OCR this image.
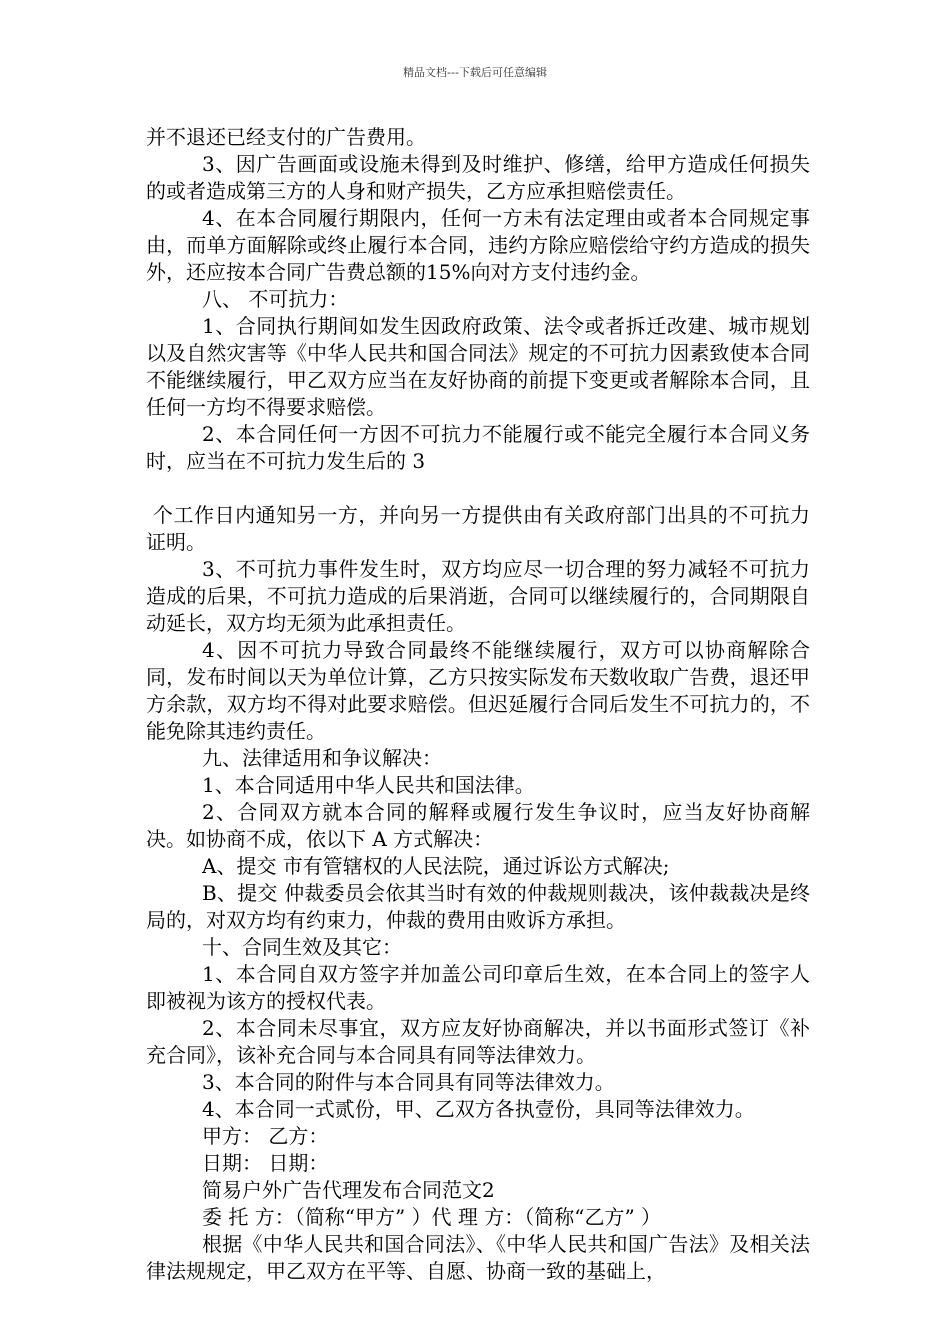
精品文档---下载后可任意编辑

并不退还已经支付的广告费用。

3、因广告画面或设施未得到及时维护、修缮，给甲方造成任何损失的或者造成第三方的人身和财产损失，乙方应承担赔偿责任。

4、在本合同履行期限内，任何一方未有法定理由或者本合同规定事由，而单方面解除或终止履行本合同，违约方除应赔偿给守约方造成的损失外，还应按本合同广告费总额的15%向对方支付违约金。

八、 不可抗力：

1、合同执行期间如发生因政府政策、法令或者拆迁改建、城市规划以及自然灾害等《中华人民共和国合同法》规定的不可抗力因素致使本合同不能继续履行，甲乙双方应当在友好协商的前提下变更或者解除本合同，且任何一方均不得要求赔偿。

2、本合同任何一方因不可抗力不能履行或不能完全履行本合同义务时，应当在不可抗力发生后的 3

个工作日内通知另一方，并向另一方提供由有关政府部门出具的不可抗力证明。

3、不可抗力事件发生时，双方均应尽一切合理的努力减轻不可抗力造成的后果，不可抗力造成的后果消逝，合同可以继续履行的，合同期限自动延长，双方均无须为此承担责任。

4、因不可抗力导致合同最终不能继续履行，双方可以协商解除合同，发布时间以天为单位计算，乙方只按实际发布天数收取广告费，退还甲方余款，双方均不得对此要求赔偿。但迟延履行合同后发生不可抗力的，不能免除其违约责任。

九、法律适用和争议解决：

1、本合同适用中华人民共和国法律。

2、合同双方就本合同的解释或履行发生争议时，应当友好协商解决。如协商不成，依以下 A 方式解决：

A、提交 市有管辖权的人民法院，通过诉讼方式解决;

B、提交 仲裁委员会依其当时有效的仲裁规则裁决，该仲裁裁决是终局的，对双方均有约束力，仲裁的费用由败诉方承担。

十、合同生效及其它：

1、本合同自双方签字并加盖公司印章后生效，在本合同上的签字人即被视为该方的授权代表。

2、本合同未尽事宜，双方应友好协商解决，并以书面形式签订《补充合同》，该补充合同与本合同具有同等法律效力。

3、本合同的附件与本合同具有同等法律效力。

4、本合同一式贰份，甲、乙双方各执壹份，具同等法律效力。

甲方： 乙方：

日期： 日期：

简易户外广告代理发布合同范文2

委 托 方：（简称“甲方” ）代 理 方：（简称“乙方” ）

根据《中华人民共和国合同法》、《中华人民共和国广告法》及相关法律法规规定，甲乙双方在平等、自愿、协商一致的基础上，
